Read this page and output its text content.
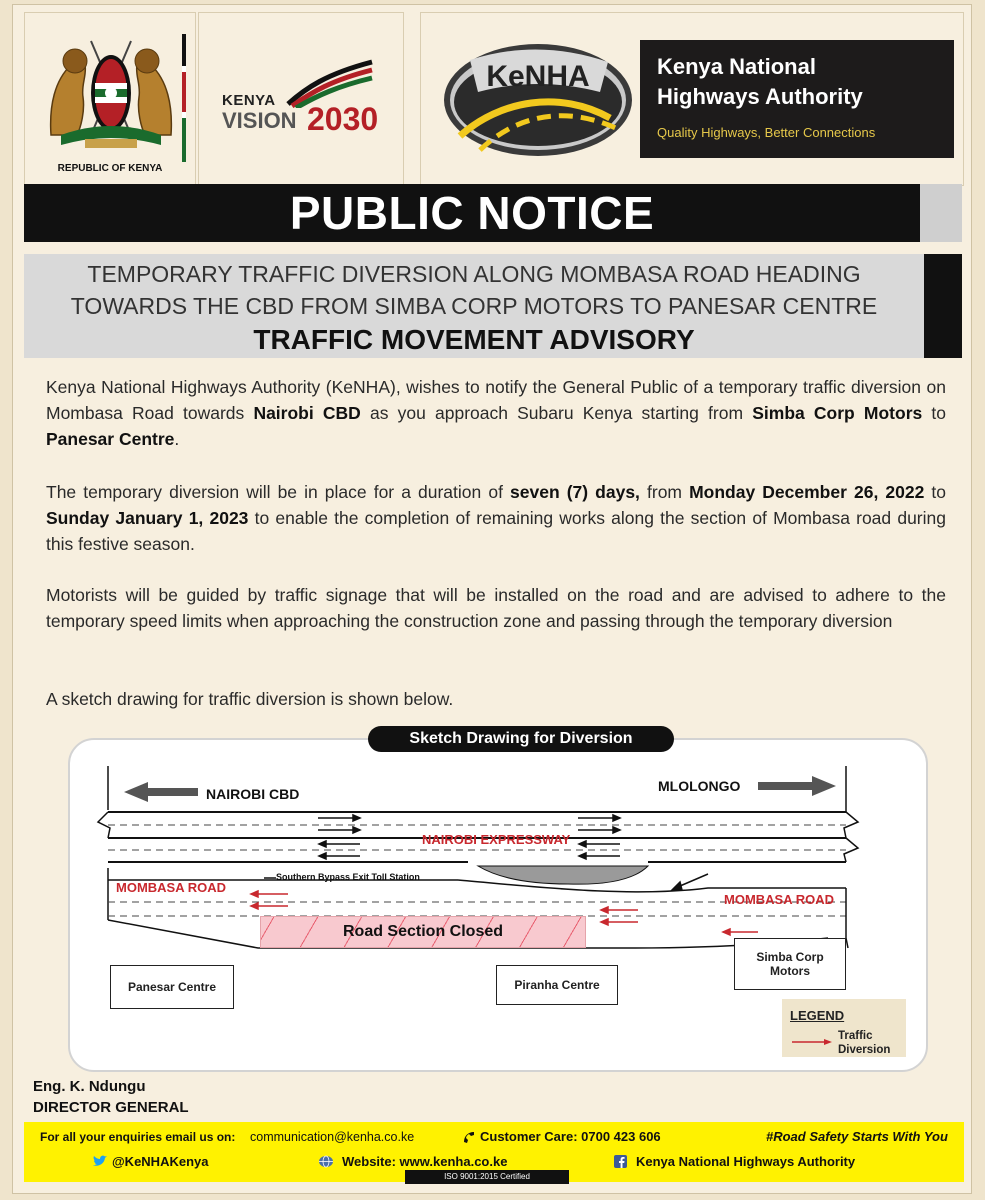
REPUBLIC OF KENYA
KENYA
VISION 2030
KeNHA	Kenya National
Highways Authority
Quality Highways, Better Connections
PUBLIC NOTICE
TEMPORARY TRAFFIC DIVERSION ALONG MOMBASA ROAD HEADING
TOWARDS THE CBD FROM SIMBA CORP MOTORS TO PANESAR CENTRE
TRAFFIC MOVEMENT ADVISORY
Kenya National Highways Authority (KeNHA), wishes to notify the General Public of a temporary traffic diversion on Mombasa Road towards Nairobi CBD as you approach Subaru Kenya starting from Simba Corp Motors to Panesar Centre.
The temporary diversion will be in place for a duration of seven (7) days, from Monday December 26, 2022 to Sunday January 1, 2023 to enable the completion of remaining works along the section of Mombasa road during this festive season.
Motorists will be guided by traffic signage that will be installed on the road and are advised to adhere to the temporary speed limits when approaching the construction zone and passing through the temporary diversion
A sketch drawing for traffic diversion is shown below.
Sketch Drawing for Diversion
NAIROBI CBD	MLOLONGO
NAIROBI EXPRESSWAY
MOMBASA ROAD
MOMBASA ROAD
Southern Bypass Exit Toll Station
Road Section Closed
Panesar Centre	Piranha Centre
Simba Corp Motors
LEGEND
Traffic Diversion
Eng. K. Ndungu
DIRECTOR GENERAL
For all your enquiries email us on: communication@kenha.co.ke	Customer Care: 0700 423 606	#Road Safety Starts With You
@KeNHAKenya	Website: www.kenha.co.ke	Kenya National Highways Authority
ISO 9001:2015 Certified
